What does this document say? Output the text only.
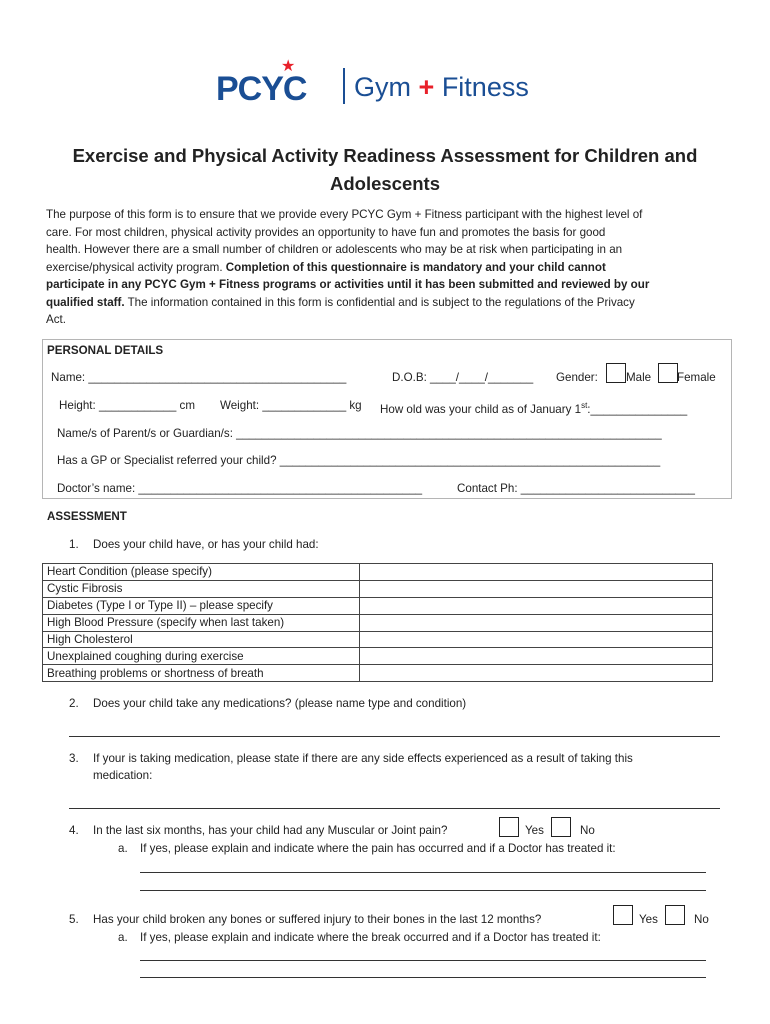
PCYC
★
Gym + Fitness
Exercise and Physical Activity Readiness Assessment for Children and
Adolescents
The purpose of this form is to ensure that we provide every PCYC Gym + Fitness participant with the highest level of
care. For most children, physical activity provides an opportunity to have fun and promotes the basis for good
health. However there are a small number of children or adolescents who may be at risk when participating in an
exercise/physical activity program. Completion of this questionnaire is mandatory and your child cannot
participate in any PCYC Gym + Fitness programs or activities until it has been submitted and reviewed by our
qualified staff. The information contained in this form is confidential and is subject to the regulations of the Privacy
Act.
PERSONAL DETAILS
Name: ________________________________________	D.O.B: ____/____/_______ Gender: Male Female
Height: ____________ cm Weight: _____________ kg How old was your child as of January 1st:_______________
Name/s of Parent/s or Guardian/s: __________________________________________________________________
Has a GP or Specialist referred your child? ___________________________________________________________
Doctor’s name: ____________________________________________	Contact Ph: ___________________________
ASSESSMENT
1. Does your child have, or has your child had:
Heart Condition (please specify)	
Cystic Fibrosis	
Diabetes (Type I or Type II) – please specify	
High Blood Pressure (specify when last taken)	
High Cholesterol	
Unexplained coughing during exercise	
Breathing problems or shortness of breath	
2. Does your child take any medications? (please name type and condition)
3. If your is taking medication, please state if there are any side effects experienced as a result of taking this
medication:
4. In the last six months, has your child had any Muscular or Joint pain?	Yes	No
a. If yes, please explain and indicate where the pain has occurred and if a Doctor has treated it:
5. Has your child broken any bones or suffered injury to their bones in the last 12 months?	Yes	No
a. If yes, please explain and indicate where the break occurred and if a Doctor has treated it:
